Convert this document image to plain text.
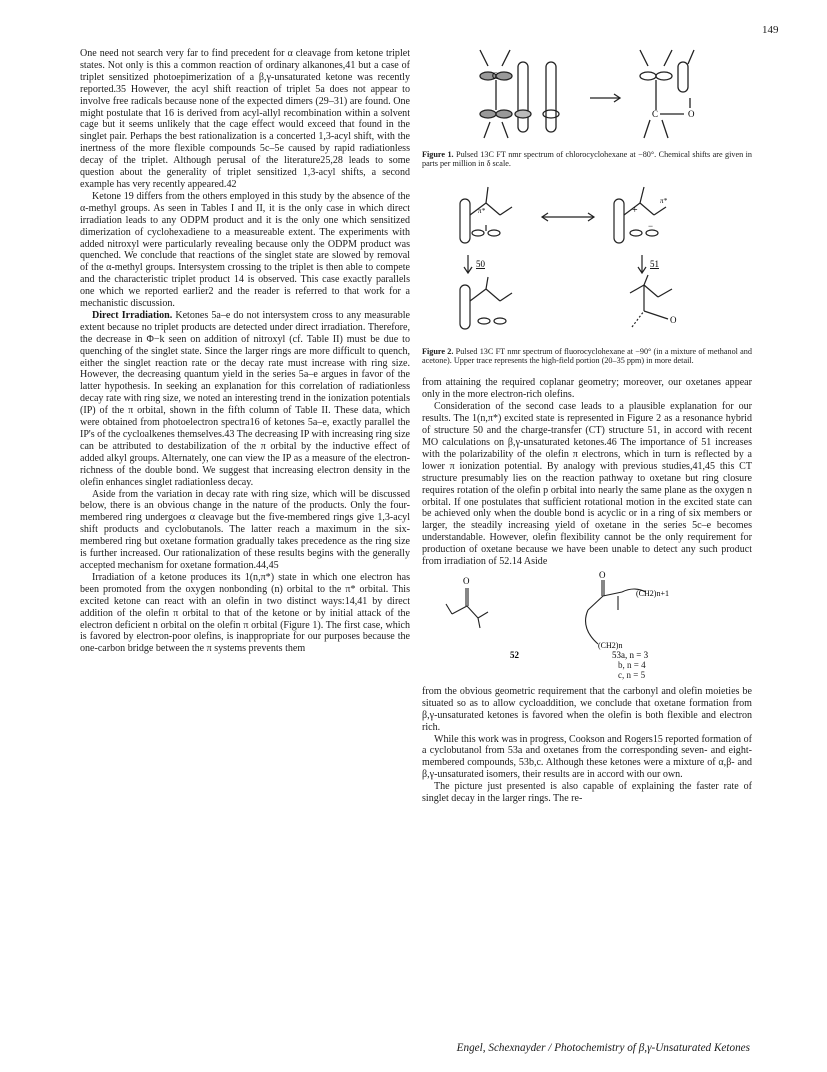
149

One need not search very far to find precedent for α cleavage from ketone triplet states. Not only is this a common reaction of ordinary alkanones,41 but a case of triplet sensitized photoepimerization of a β,γ-unsaturated ketone was recently reported.35 However, the acyl shift reaction of triplet 5a does not appear to involve free radicals because none of the expected dimers (29–31) are found. One might postulate that 16 is derived from acyl-allyl recombination within a solvent cage but it seems unlikely that the cage effect would exceed that found in the singlet pair. Perhaps the best rationalization is a concerted 1,3-acyl shift, with the inertness of the more flexible compounds 5c–5e caused by rapid radiationless decay of the triplet. Although perusal of the literature25,28 leads to some question about the generality of triplet sensitized 1,3-acyl shifts, a second example has very recently appeared.42

Ketone 19 differs from the others employed in this study by the absence of the α-methyl groups. As seen in Tables I and II, it is the only case in which direct irradiation leads to any ODPM product and it is the only one which sensitized dimerization of cyclohexadiene to a measureable extent. The experiments with added nitroxyl were particularly revealing because only the ODPM product was quenched. We conclude that reactions of the singlet state are slowed by removal of the α-methyl groups. Intersystem crossing to the triplet is then able to compete and the characteristic triplet product 14 is observed. This case exactly parallels one which we reported earlier2 and the reader is referred to that work for a mechanistic discussion.

Direct Irradiation. Ketones 5a–e do not intersystem cross to any measurable extent because no triplet products are detected under direct irradiation. Therefore, the decrease in Φ−k seen on addition of nitroxyl (cf. Table II) must be due to quenching of the singlet state. Since the larger rings are more difficult to quench, either the singlet reaction rate or the decay rate must increase with ring size. However, the decreasing quantum yield in the series 5a–e argues in favor of the latter hypothesis. In seeking an explanation for this correlation of radiationless decay rate with ring size, we noted an interesting trend in the ionization potentials (IP) of the π orbital, shown in the fifth column of Table II. These data, which were obtained from photoelectron spectra16 of ketones 5a–e, exactly parallel the IP's of the cycloalkenes themselves.43 The decreasing IP with increasing ring size can be attributed to destabilization of the π orbital by the inductive effect of added alkyl groups. Alternately, one can view the IP as a measure of the electron-richness of the double bond. We suggest that increasing electron density in the olefin enhances singlet radiationless decay.

Aside from the variation in decay rate with ring size, which will be discussed below, there is an obvious change in the nature of the products. Only the four-membered ring undergoes α cleavage but the five-membered rings give 1,3-acyl shift products and cyclobutanols. The latter reach a maximum in the six-membered ring but oxetane formation gradually takes precedence as the ring size is further increased. Our rationalization of these results begins with the generally accepted mechanism for oxetane formation.44,45

Irradiation of a ketone produces its 1(n,π*) state in which one electron has been promoted from the oxygen nonbonding (n) orbital to the π* orbital. This excited ketone can react with an olefin in two distinct ways:14,41 by direct addition of the olefin π orbital to that of the ketone or by initial attack of the electron deficient n orbital on the olefin π orbital (Figure 1). The first case, which is favored by electron-poor olefins, is inappropriate for our purposes because the one-carbon bridge between the π systems prevents them

C
C	O

Figure 1. Pulsed 13C FT nmr spectrum of chlorocyclohexane at −80°. Chemical shifts are given in parts per million in δ scale.

π*	+
π*
−
50	51
O

Figure 2. Pulsed 13C FT nmr spectrum of fluorocyclohexane at −90° (in a mixture of methanol and acetone). Upper trace represents the high-field portion (20–35 ppm) in more detail.

from attaining the required coplanar geometry; moreover, our oxetanes appear only in the more electron-rich olefins.

Consideration of the second case leads to a plausible explanation for our results. The 1(n,π*) excited state is represented in Figure 2 as a resonance hybrid of structure 50 and the charge-transfer (CT) structure 51, in accord with recent MO calculations on β,γ-unsaturated ketones.46 The importance of 51 increases with the polarizability of the olefin π electrons, which in turn is reflected by a lower π ionization potential. By analogy with previous studies,41,45 this CT structure presumably lies on the reaction pathway to oxetane but ring closure requires rotation of the olefin p orbital into nearly the same plane as the oxygen n orbital. If one postulates that sufficient rotational motion in the excited state can be achieved only when the double bond is acyclic or in a ring of six members or larger, the steadily increasing yield of oxetane in the series 5c–e becomes understandable. However, olefin flexibility cannot be the only requirement for production of oxetane because we have been unable to detect any such product from irradiation of 52.14 Aside

O
O
(CH2)n+1
(CH2)n
52	53a, n = 3
b, n = 4
c, n = 5

from the obvious geometric requirement that the carbonyl and olefin moieties be situated so as to allow cycloaddition, we conclude that oxetane formation from β,γ-unsaturated ketones is favored when the olefin is both flexible and electron rich.

While this work was in progress, Cookson and Rogers15 reported formation of a cyclobutanol from 53a and oxetanes from the corresponding seven- and eight-membered compounds, 53b,c. Although these ketones were a mixture of α,β- and β,γ-unsaturated isomers, their results are in accord with our own.

The picture just presented is also capable of explaining the faster rate of singlet decay in the larger rings. The re-

Engel, Schexnayder / Photochemistry of β,γ-Unsaturated Ketones
